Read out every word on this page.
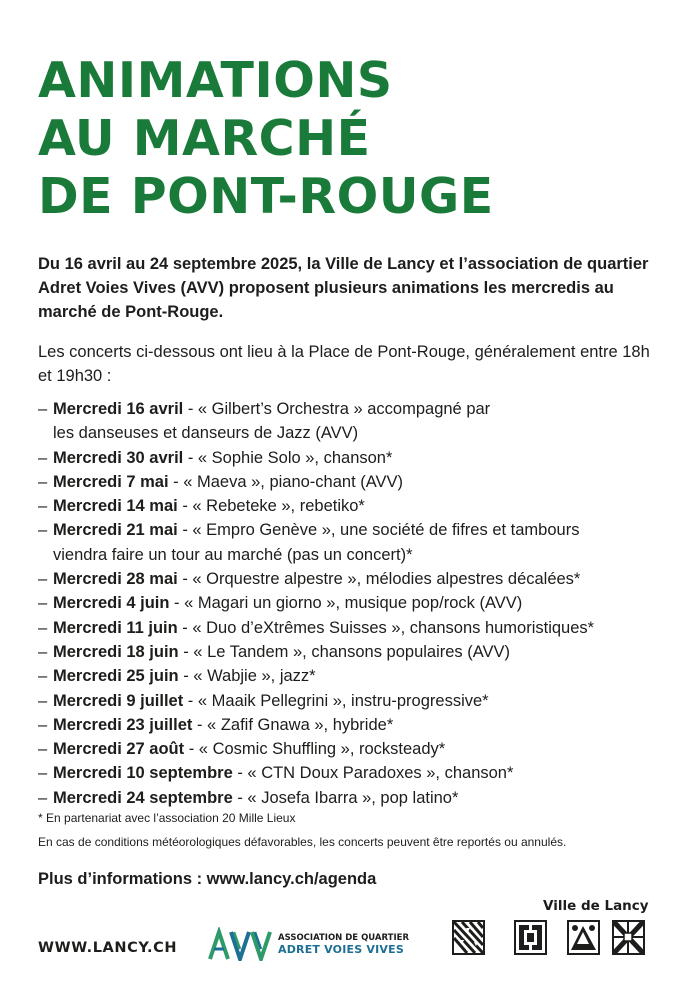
ANIMATIONS
AU MARCHÉ
DE PONT-ROUGE

Du 16 avril au 24 septembre 2025, la Ville de Lancy et l’association de quartier Adret Voies Vives (AVV) proposent plusieurs animations les mercredis au marché de Pont-Rouge.

Les concerts ci-dessous ont lieu à la Place de Pont-Rouge, généralement entre 18h et 19h30 :

– Mercredi 16 avril - « Gilbert’s Orchestra » accompagné par
les danseuses et danseurs de Jazz (AVV)
– Mercredi 30 avril - « Sophie Solo », chanson*
– Mercredi 7 mai - « Maeva », piano-chant (AVV)
– Mercredi 14 mai - « Rebeteke », rebetiko*
– Mercredi 21 mai - « Empro Genève », une société de fifres et tambours
viendra faire un tour au marché (pas un concert)*
– Mercredi 28 mai - « Orquestre alpestre », mélodies alpestres décalées*
– Mercredi 4 juin - « Magari un giorno », musique pop/rock (AVV)
– Mercredi 11 juin - « Duo d’eXtrêmes Suisses », chansons humoristiques*
– Mercredi 18 juin - « Le Tandem », chansons populaires (AVV)
– Mercredi 25 juin - « Wabjie », jazz*
– Mercredi 9 juillet - « Maaik Pellegrini », instru-progressive*
– Mercredi 23 juillet - « Zafif Gnawa », hybride*
– Mercredi 27 août - « Cosmic Shuffling », rocksteady*
– Mercredi 10 septembre - « CTN Doux Paradoxes », chanson*
– Mercredi 24 septembre - « Josefa Ibarra », pop latino*

* En partenariat avec l’association 20 Mille Lieux

En cas de conditions météorologiques défavorables, les concerts peuvent être reportés ou annulés.

Plus d’informations : www.lancy.ch/agenda

WWW.LANCY.CH
ASSOCIATION DE QUARTIER
ADRET VOIES VIVES
Ville de Lancy
